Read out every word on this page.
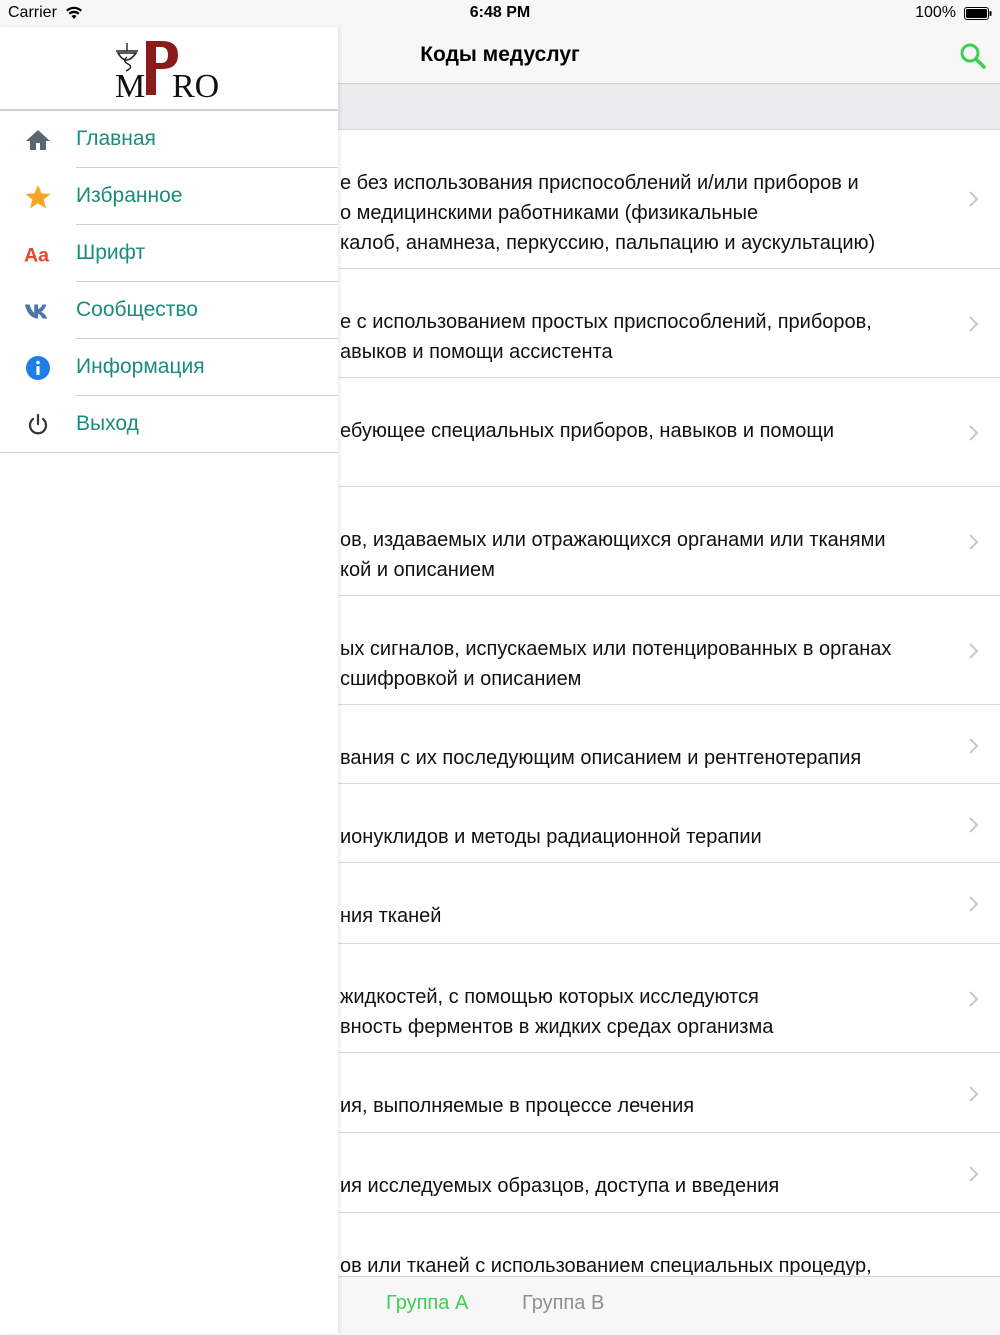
Carrier	6:48 PM	100%
Коды медуслуг
е без использования приспособлений и/или приборов и
о медицинскими работниками (физикальные
калоб, анамнеза, перкуссию, пальпацию и аускультацию)
е с использованием простых приспособлений, приборов,
авыков и помощи ассистента
ебующее специальных приборов, навыков и помощи
ов, издаваемых или отражающихся органами или тканями
кой и описанием
ых сигналов, испускаемых или потенцированных в органах
сшифровкой и описанием
вания с их последующим описанием и рентгенотерапия
ионуклидов и методы радиационной терапии
ния тканей
жидкостей, с помощью которых исследуются
вность ферментов в жидких средах организма
ия, выполняемые в процессе лечения
ия исследуемых образцов, доступа и введения
ов или тканей с использованием специальных процедур,
Группа А	Группа В
M RO
Главная
Избранное
Aa Шрифт
Сообщество
Информация
Выход
